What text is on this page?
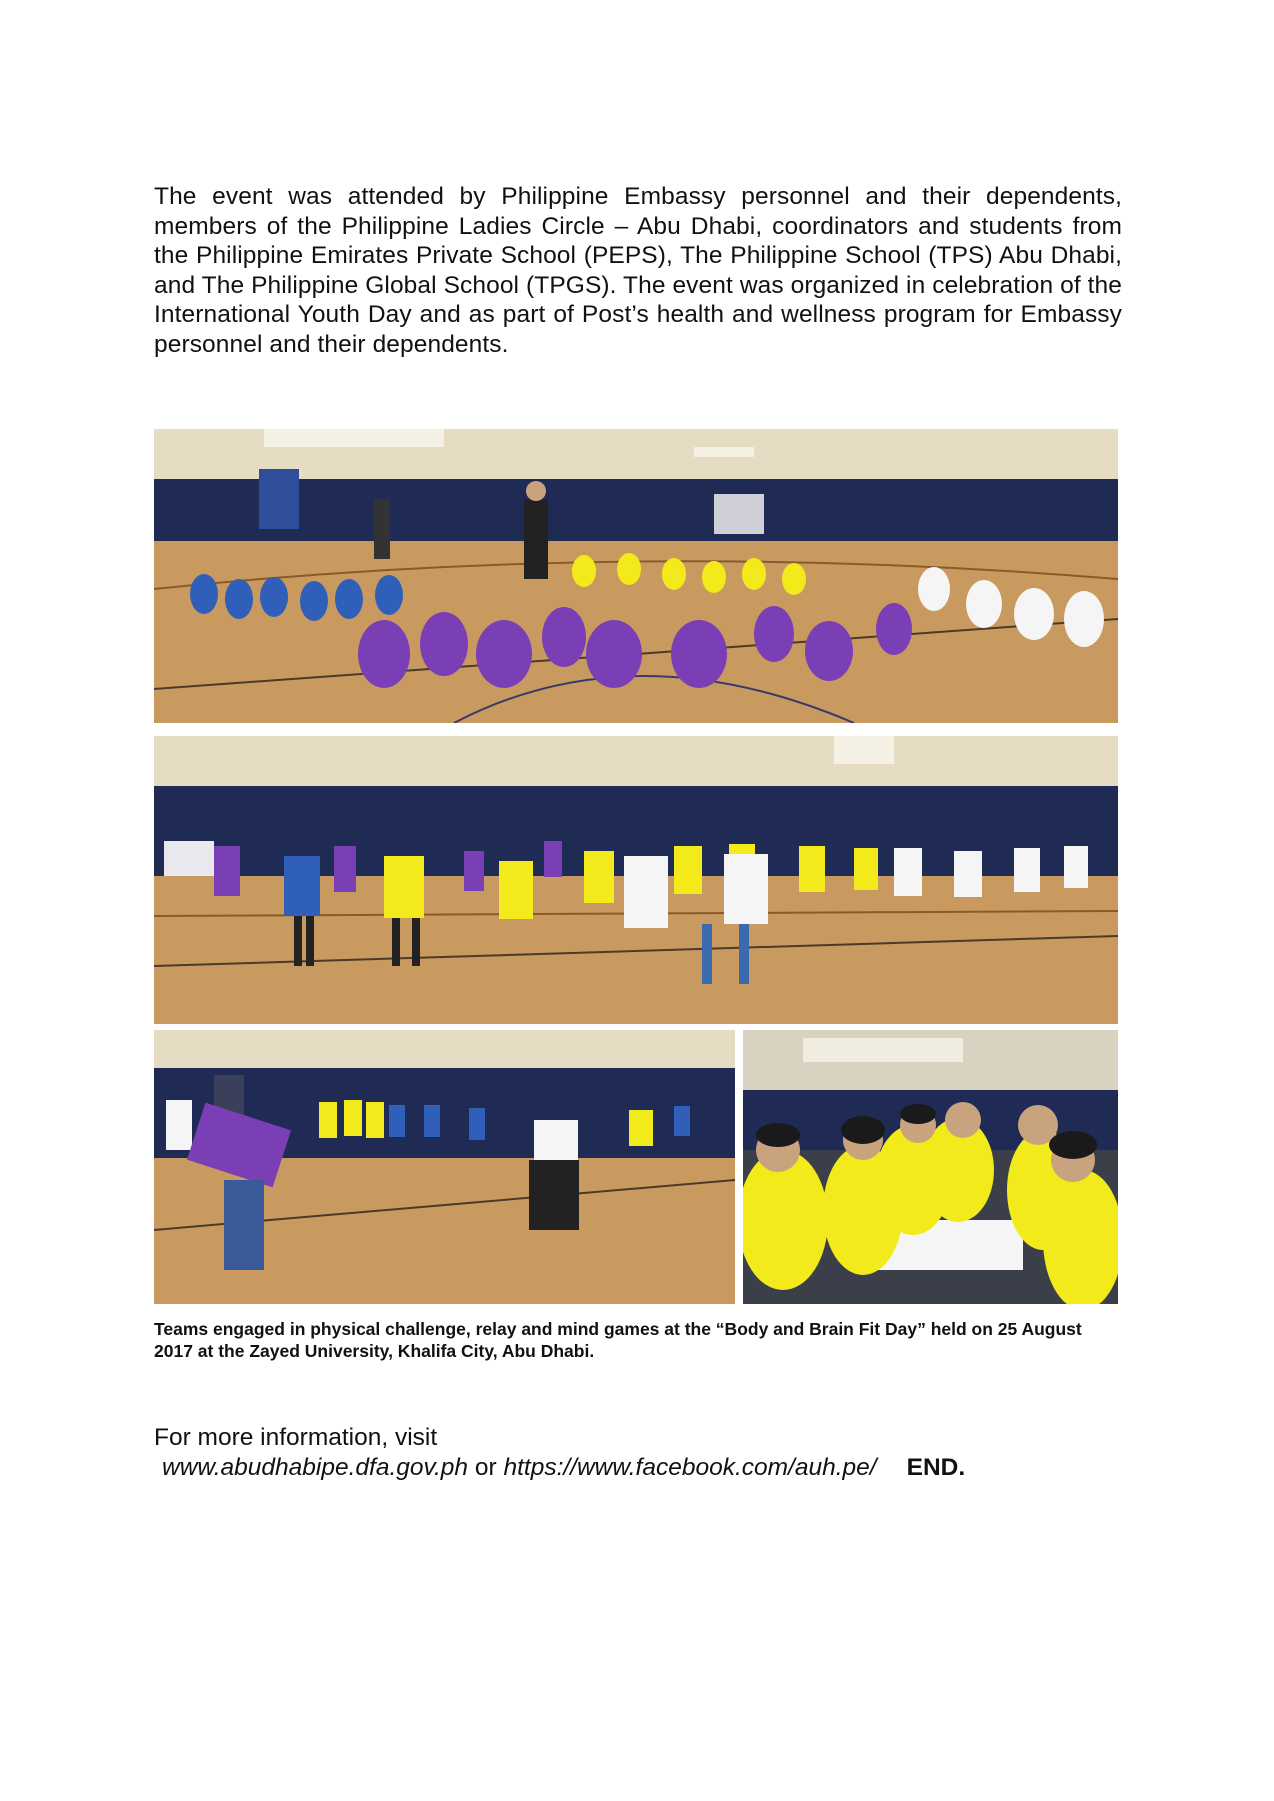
The event was attended by Philippine Embassy personnel and their dependents, members of the Philippine Ladies Circle – Abu Dhabi, coordinators and students from the Philippine Emirates Private School (PEPS), The Philippine School (TPS) Abu Dhabi, and The Philippine Global School (TPGS). The event was organized in celebration of the International Youth Day and as part of Post’s health and wellness program for Embassy personnel and their dependents.

Teams engaged in physical challenge, relay and mind games at the “Body and Brain Fit Day” held on 25 August 2017 at the Zayed University, Khalifa City, Abu Dhabi.

For more information, visit
www.abudhabipe.dfa.gov.ph or https://www.facebook.com/auh.pe/ END.
